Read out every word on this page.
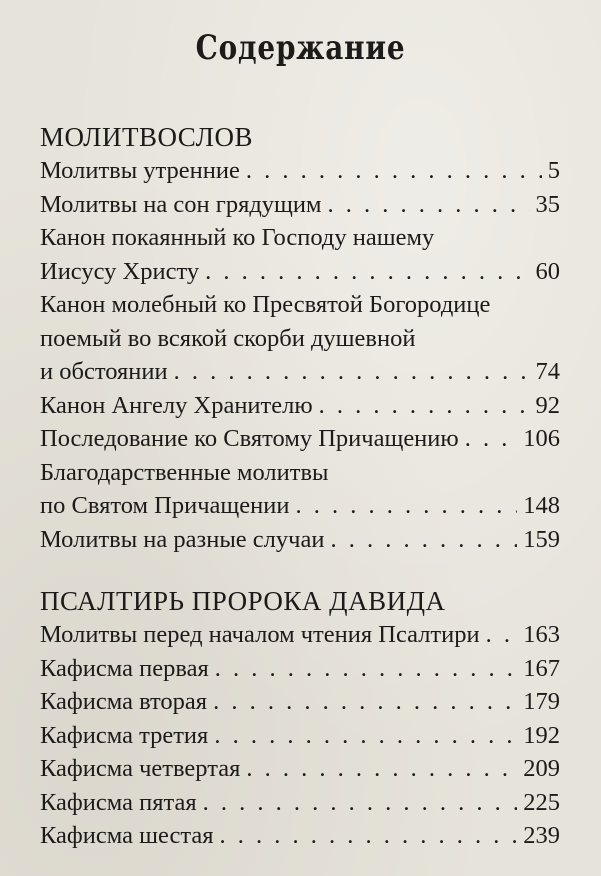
Содержание
МОЛИТВОСЛОВ
Молитвы утренние . . .	5
Молитвы на сон грядущим . . .	35
Канон покаянный ко Господу нашему
Иисусу Христу . . .	60
Канон молебный ко Пресвятой Богородице
поемый во всякой скорби душевной
и обстоянии . . .	74
Канон Ангелу Хранителю . . .	92
Последование ко Святому Причащению . . .	106
Благодарственные молитвы
по Святом Причащении . . .	148
Молитвы на разные случаи . . .	159
ПСАЛТИРЬ ПРОРОКА ДАВИДА
Молитвы перед началом чтения Псалтири . . . 163
Кафисма первая . . .	167
Кафисма вторая . . .	179
Кафисма третия . . .	192
Кафисма четвертая . . .	209
Кафисма пятая . . .	225
Кафисма шестая . . .	239
